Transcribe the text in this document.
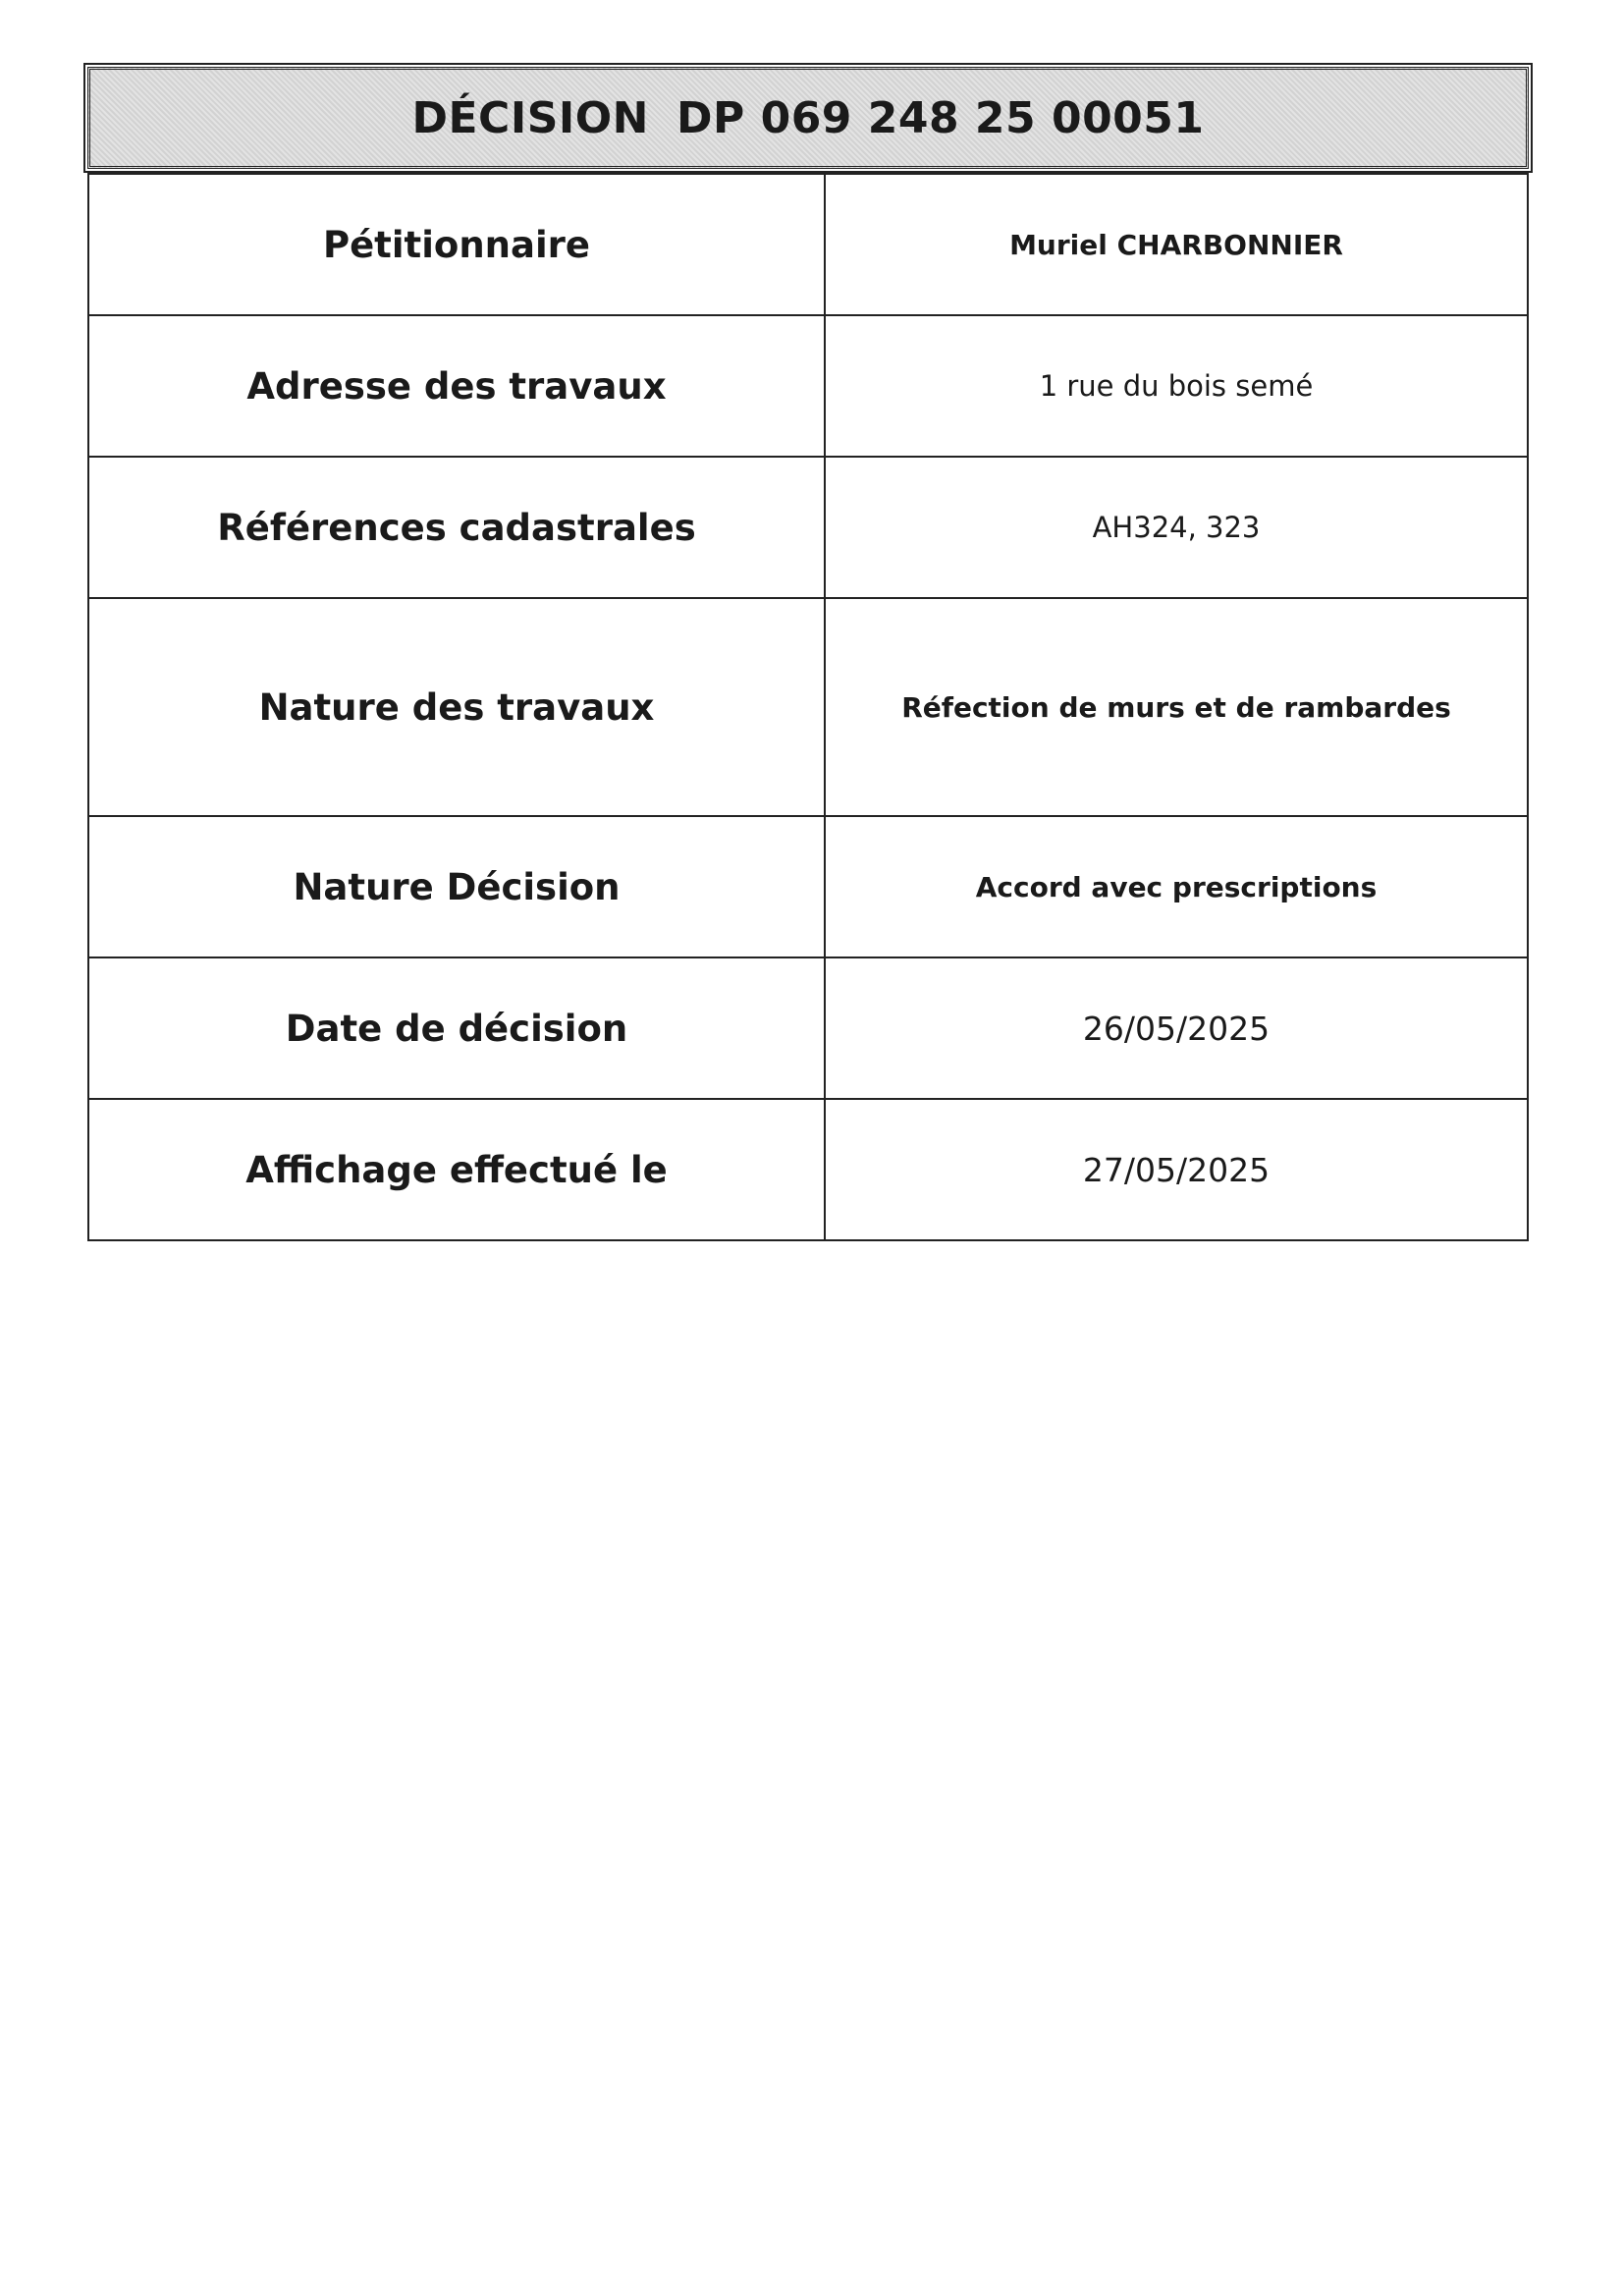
DÉCISION DP 069 248 25 00051
Pétitionnaire	Muriel CHARBONNIER
Adresse des travaux	1 rue du bois semé
Références cadastrales	AH324, 323
Nature des travaux	Réfection de murs et de rambardes
Nature Décision	Accord avec prescriptions
Date de décision	26/05/2025
Affichage effectué le	27/05/2025
